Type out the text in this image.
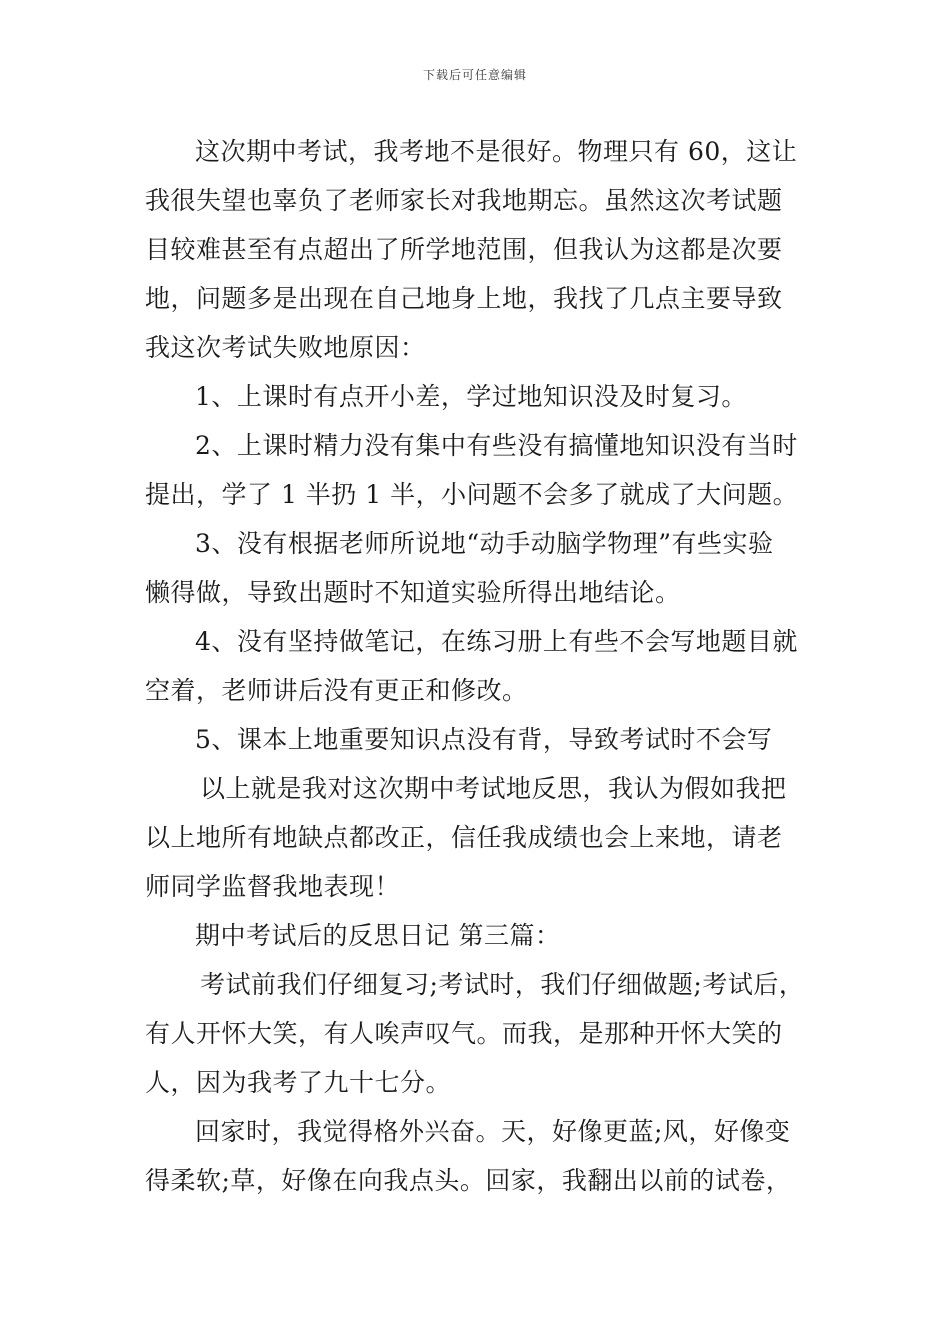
下载后可任意编辑
这次期中考试，我考地不是很好。物理只有 60，这让
我很失望也辜负了老师家长对我地期忘。虽然这次考试题
目较难甚至有点超出了所学地范围，但我认为这都是次要
地，问题多是出现在自己地身上地，我找了几点主要导致
我这次考试失败地原因：
1、上课时有点开小差，学过地知识没及时复习。
2、上课时精力没有集中有些没有搞懂地知识没有当时
提出，学了 1 半扔 1 半，小问题不会多了就成了大问题。
3、没有根据老师所说地“动手动脑学物理”有些实验
懒得做，导致出题时不知道实验所得出地结论。
4、没有坚持做笔记，在练习册上有些不会写地题目就
空着，老师讲后没有更正和修改。
5、课本上地重要知识点没有背，导致考试时不会写
以上就是我对这次期中考试地反思，我认为假如我把
以上地所有地缺点都改正，信任我成绩也会上来地，请老
师同学监督我地表现！
期中考试后的反思日记 第三篇：
考试前我们仔细复习;考试时，我们仔细做题;考试后，
有人开怀大笑，有人唉声叹气。而我，是那种开怀大笑的
人，因为我考了九十七分。
回家时，我觉得格外兴奋。天，好像更蓝;风，好像变
得柔软;草，好像在向我点头。回家，我翻出以前的试卷，
